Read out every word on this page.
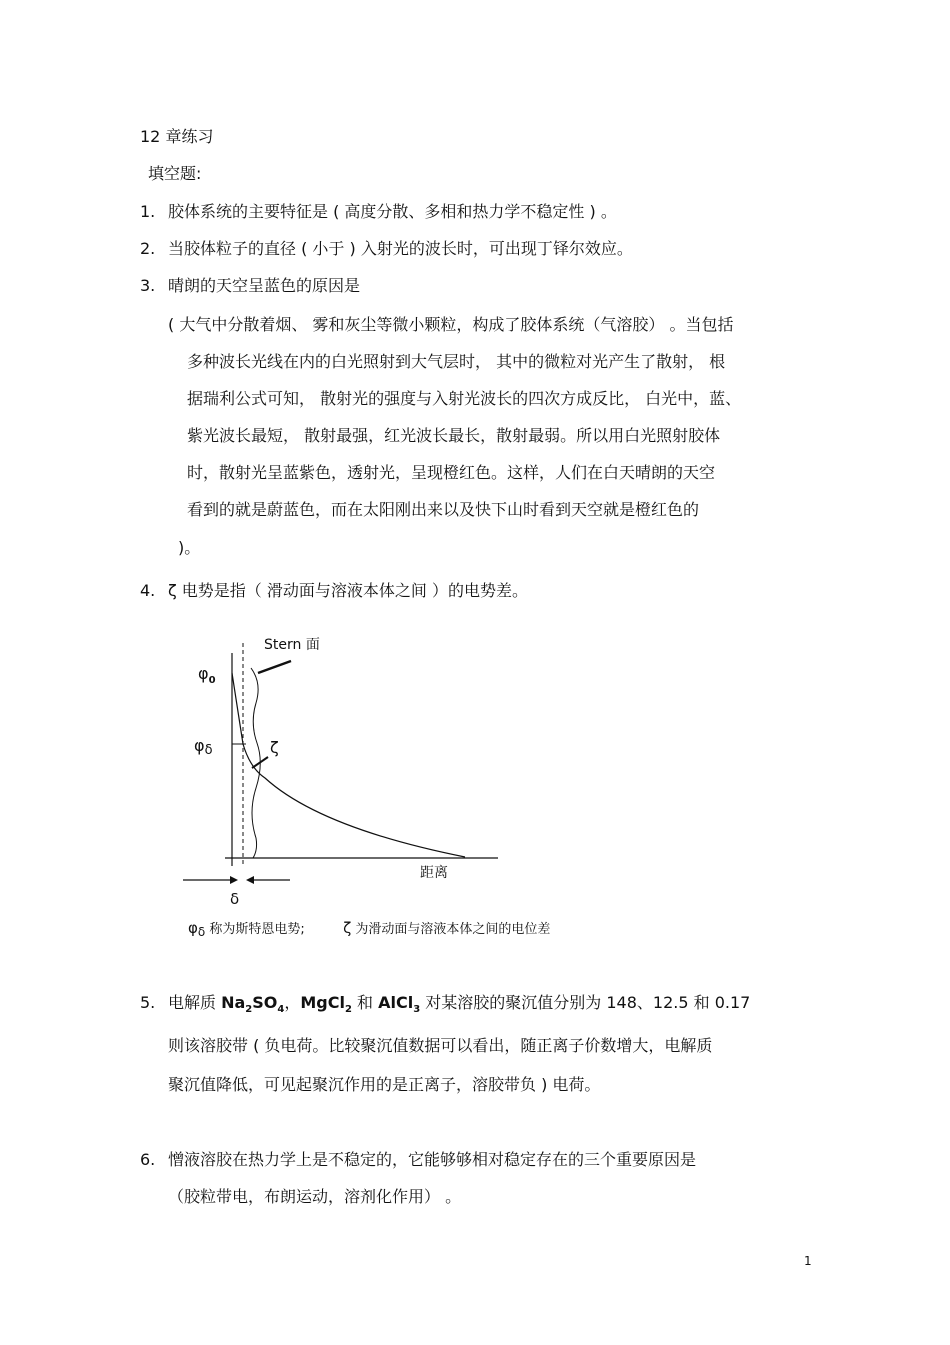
12 章练习
填空题:
1. 胶体系统的主要特征是 ( 高度分散、多相和热力学不稳定性 ) 。
2. 当胶体粒子的直径 ( 小于 ) 入射光的波长时，可出现丁铎尔效应。
3. 晴朗的天空呈蓝色的原因是
( 大气中分散着烟、 雾和灰尘等微小颗粒，构成了胶体系统（气溶胶） 。当包括
多种波长光线在内的白光照射到大气层时， 其中的微粒对光产生了散射， 根
据瑞利公式可知， 散射光的强度与入射光波长的四次方成反比， 白光中，蓝、
紫光波长最短， 散射最强，红光波长最长，散射最弱。所以用白光照射胶体
时，散射光呈蓝紫色，透射光，呈现橙红色。这样，人们在白天晴朗的天空
看到的就是蔚蓝色，而在太阳刚出来以及快下山时看到天空就是橙红色的
)。
4. ζ 电势是指（ 滑动面与溶液本体之间 ）的电势差。
Stern 面
$\varphi_0$
φδ	ζ
δ
距离
φδ 称为斯特恩电势;	ζ 为滑动面与溶液本体之间的电位差
5. 电解质 $Na_2SO_4$，MgCl$_2$ 和 AlCl$_3$ 对某溶胶的聚沉值分别为 148、12.5 和 0.17
则该溶胶带 ( 负电荷。比较聚沉值数据可以看出，随正离子价数增大，电解质
聚沉值降低，可见起聚沉作用的是正离子，溶胶带负 ) 电荷。
6. 憎液溶胶在热力学上是不稳定的，它能够够相对稳定存在的三个重要原因是
（胶粒带电，布朗运动，溶剂化作用） 。
1
